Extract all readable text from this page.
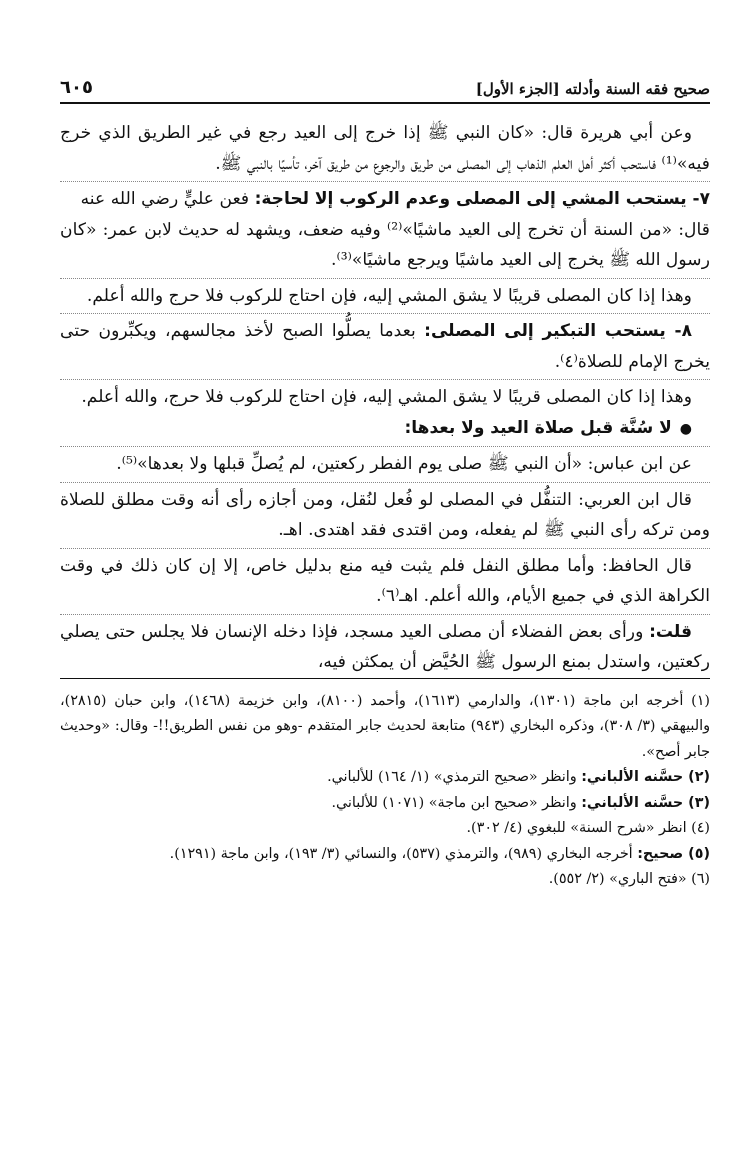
صحيح فقه السنة وأدلته [الجزء الأول]
٦٠٥

وعن أبي هريرة قال: «كان النبي ﷺ إذا خرج إلى العيد رجع في غير الطريق الذي خرج فيه»⁽¹⁾ فاستحب أكثر أهل العلم الذهاب إلى المصلى من طريق والرجوع من طريق آخر، تأسيًا بالنبي ﷺ.

٧- يستحب المشي إلى المصلى وعدم الركوب إلا لحاجة: فعن عليٍّ رضي الله عنه

قال: «من السنة أن تخرج إلى العيد ماشيًا»⁽²⁾ وفيه ضعف، ويشهد له حديث لابن عمر: «كان رسول الله ﷺ يخرج إلى العيد ماشيًا ويرجع ماشيًا»⁽³⁾.

وهذا إذا كان المصلى قريبًا لا يشق المشي إليه، فإن احتاج للركوب فلا حرج والله أعلم.

٨- يستحب التبكير إلى المصلى: بعدما يصلُّوا الصبح لأخذ مجالسهم، ويكبِّرون حتى يخرج الإمام للصلاة⁽٤⁾.

وهذا إذا كان المصلى قريبًا لا يشق المشي إليه، فإن احتاج للركوب فلا حرج، والله أعلم.

●لا سُنَّة قبل صلاة العيد ولا بعدها:

عن ابن عباس: «أن النبي ﷺ صلى يوم الفطر ركعتين، لم يُصلِّ قبلها ولا بعدها»⁽⁵⁾.

قال ابن العربي: التنفُّل في المصلى لو فُعل لنُقل، ومن أجازه رأى أنه وقت مطلق للصلاة ومن تركه رأى النبي ﷺ لم يفعله، ومن اقتدى فقد اهتدى. اهـ.

قال الحافظ: وأما مطلق النفل فلم يثبت فيه منع بدليل خاص، إلا إن كان ذلك في وقت الكراهة الذي في جميع الأيام، والله أعلم. اهـ⁽٦⁾.

قلت: ورأى بعض الفضلاء أن مصلى العيد مسجد، فإذا دخله الإنسان فلا يجلس حتى يصلي ركعتين، واستدل بمنع الرسول ﷺ الحُيَّض أن يمكثن فيه،

(١) أخرجه ابن ماجة (١٣٠١)، والدارمي (١٦١٣)، وأحمد (٨١٠٠)، وابن خزيمة (١٤٦٨)، وابن حبان (٢٨١٥)، والبيهقي (٣/ ٣٠٨)، وذكره البخاري (٩٤٣) متابعة لحديث جابر المتقدم -وهو من نفس الطريق!!- وقال: «وحديث جابر أصح».

(٢) حسَّنه الألباني: وانظر «صحيح الترمذي» (١/ ١٦٤) للألباني.

(٣) حسَّنه الألباني: وانظر «صحيح ابن ماجة» (١٠٧١) للألباني.

(٤) انظر «شرح السنة» للبغوي (٤/ ٣٠٢).

(٥) صحيح: أخرجه البخاري (٩٨٩)، والترمذي (٥٣٧)، والنسائي (٣/ ١٩٣)، وابن ماجة (١٢٩١).

(٦) «فتح الباري» (٢/ ٥٥٢).
